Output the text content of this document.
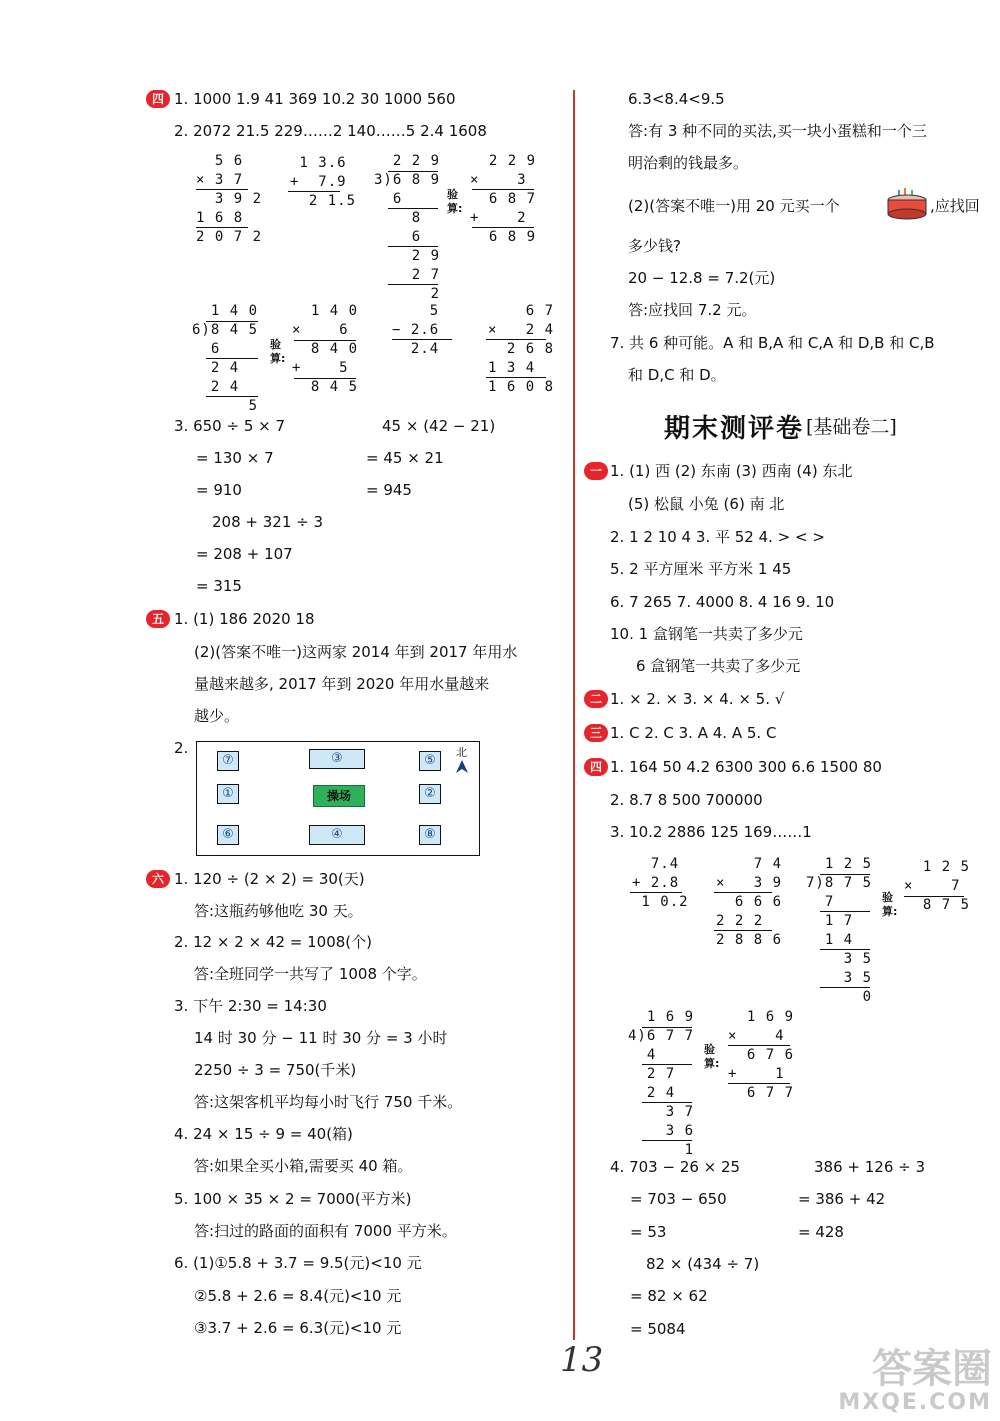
四 1. 1000 1.9 41 369 10.2 30 1000 560
2. 2072 21.5 229……2 140……5 2.4 1608
5 6
× 3 7
3 9 2
1 6 8
2 0 7 2
1 3.6
+  7.9
2 1.5
2 2 9
3)6 8 9
6
8
6
2 9
2 7
2
验
算:
2 2 9
×    3
6 8 7
+    2
6 8 9
1 4 0
6)8 4 5
6
2 4
2 4
5
验
算:
1 4 0
×    6
8 4 0
+    5
8 4 5
5
− 2.6
2.4
6 7
×   2 4
2 6 8
1 3 4
1 6 0 8
3. 650 ÷ 5 × 7	45 × (42 − 21)
= 130 × 7	= 45 × 21
= 910	= 945
208 + 321 ÷ 3
= 208 + 107
= 315
五 1. (1) 186 2020 18
(2)(答案不唯一)这两家 2014 年到 2017 年用水
量越来越多, 2017 年到 2020 年用水量越来
越少。
2.
⑦	③	⑤
北
①	操场	②
⑥	④	⑧
六 1. 120 ÷ (2 × 2) = 30(天)
答:这瓶药够他吃 30 天。
2. 12 × 2 × 42 = 1008(个)
答:全班同学一共写了 1008 个字。
3. 下午 2:30 = 14:30
14 时 30 分 − 11 时 30 分 = 3 小时
2250 ÷ 3 = 750(千米)
答:这架客机平均每小时飞行 750 千米。
4. 24 × 15 ÷ 9 = 40(箱)
答:如果全买小箱,需要买 40 箱。
5. 100 × 35 × 2 = 7000(平方米)
答:扫过的路面的面积有 7000 平方米。
6. (1)①5.8 + 3.7 = 9.5(元)<10 元
②5.8 + 2.6 = 8.4(元)<10 元
③3.7 + 2.6 = 6.3(元)<10 元
6.3<8.4<9.5
答:有 3 种不同的买法,买一块小蛋糕和一个三
明治剩的钱最多。
(2)(答案不唯一)用 20 元买一个	,应找回
多少钱?
20 − 12.8 = 7.2(元)
答:应找回 7.2 元。
7. 共 6 种可能。A 和 B,A 和 C,A 和 D,B 和 C,B
和 D,C 和 D。
期末测评卷 [基础卷二]
一 1. (1) 西 (2) 东南 (3) 西南 (4) 东北
(5) 松鼠 小兔 (6) 南 北
2. 1 2 10 4 3. 平 52 4. > < >
5. 2 平方厘米 平方米 1 45
6. 7 265 7. 4000 8. 4 16 9. 10
10. 1 盒钢笔一共卖了多少元
6 盒钢笔一共卖了多少元
二 1. × 2. × 3. × 4. × 5. √
三 1. C 2. C 3. A 4. A 5. C
四 1. 164 50 4.2 6300 300 6.6 1500 80
2. 8.7 8 500 700000
3. 10.2 2886 125 169……1
7.4
+ 2.8
1 0.2
7 4
×   3 9
6 6 6
2 2 2
2 8 8 6
1 2 5
7)8 7 5
7
1 7
1 4
3 5
3 5
0
验
算:
1 2 5
×    7
8 7 5
1 6 9
4)6 7 7
4
2 7
2 4
3 7
3 6
1
验
算:
1 6 9
×    4
6 7 6
+    1
6 7 7
4. 703 − 26 × 25	386 + 126 ÷ 3
= 703 − 650	= 386 + 42
= 53	= 428
82 × (434 ÷ 7)
= 82 × 62
= 5084
13	答案圈
MXQE.COM
